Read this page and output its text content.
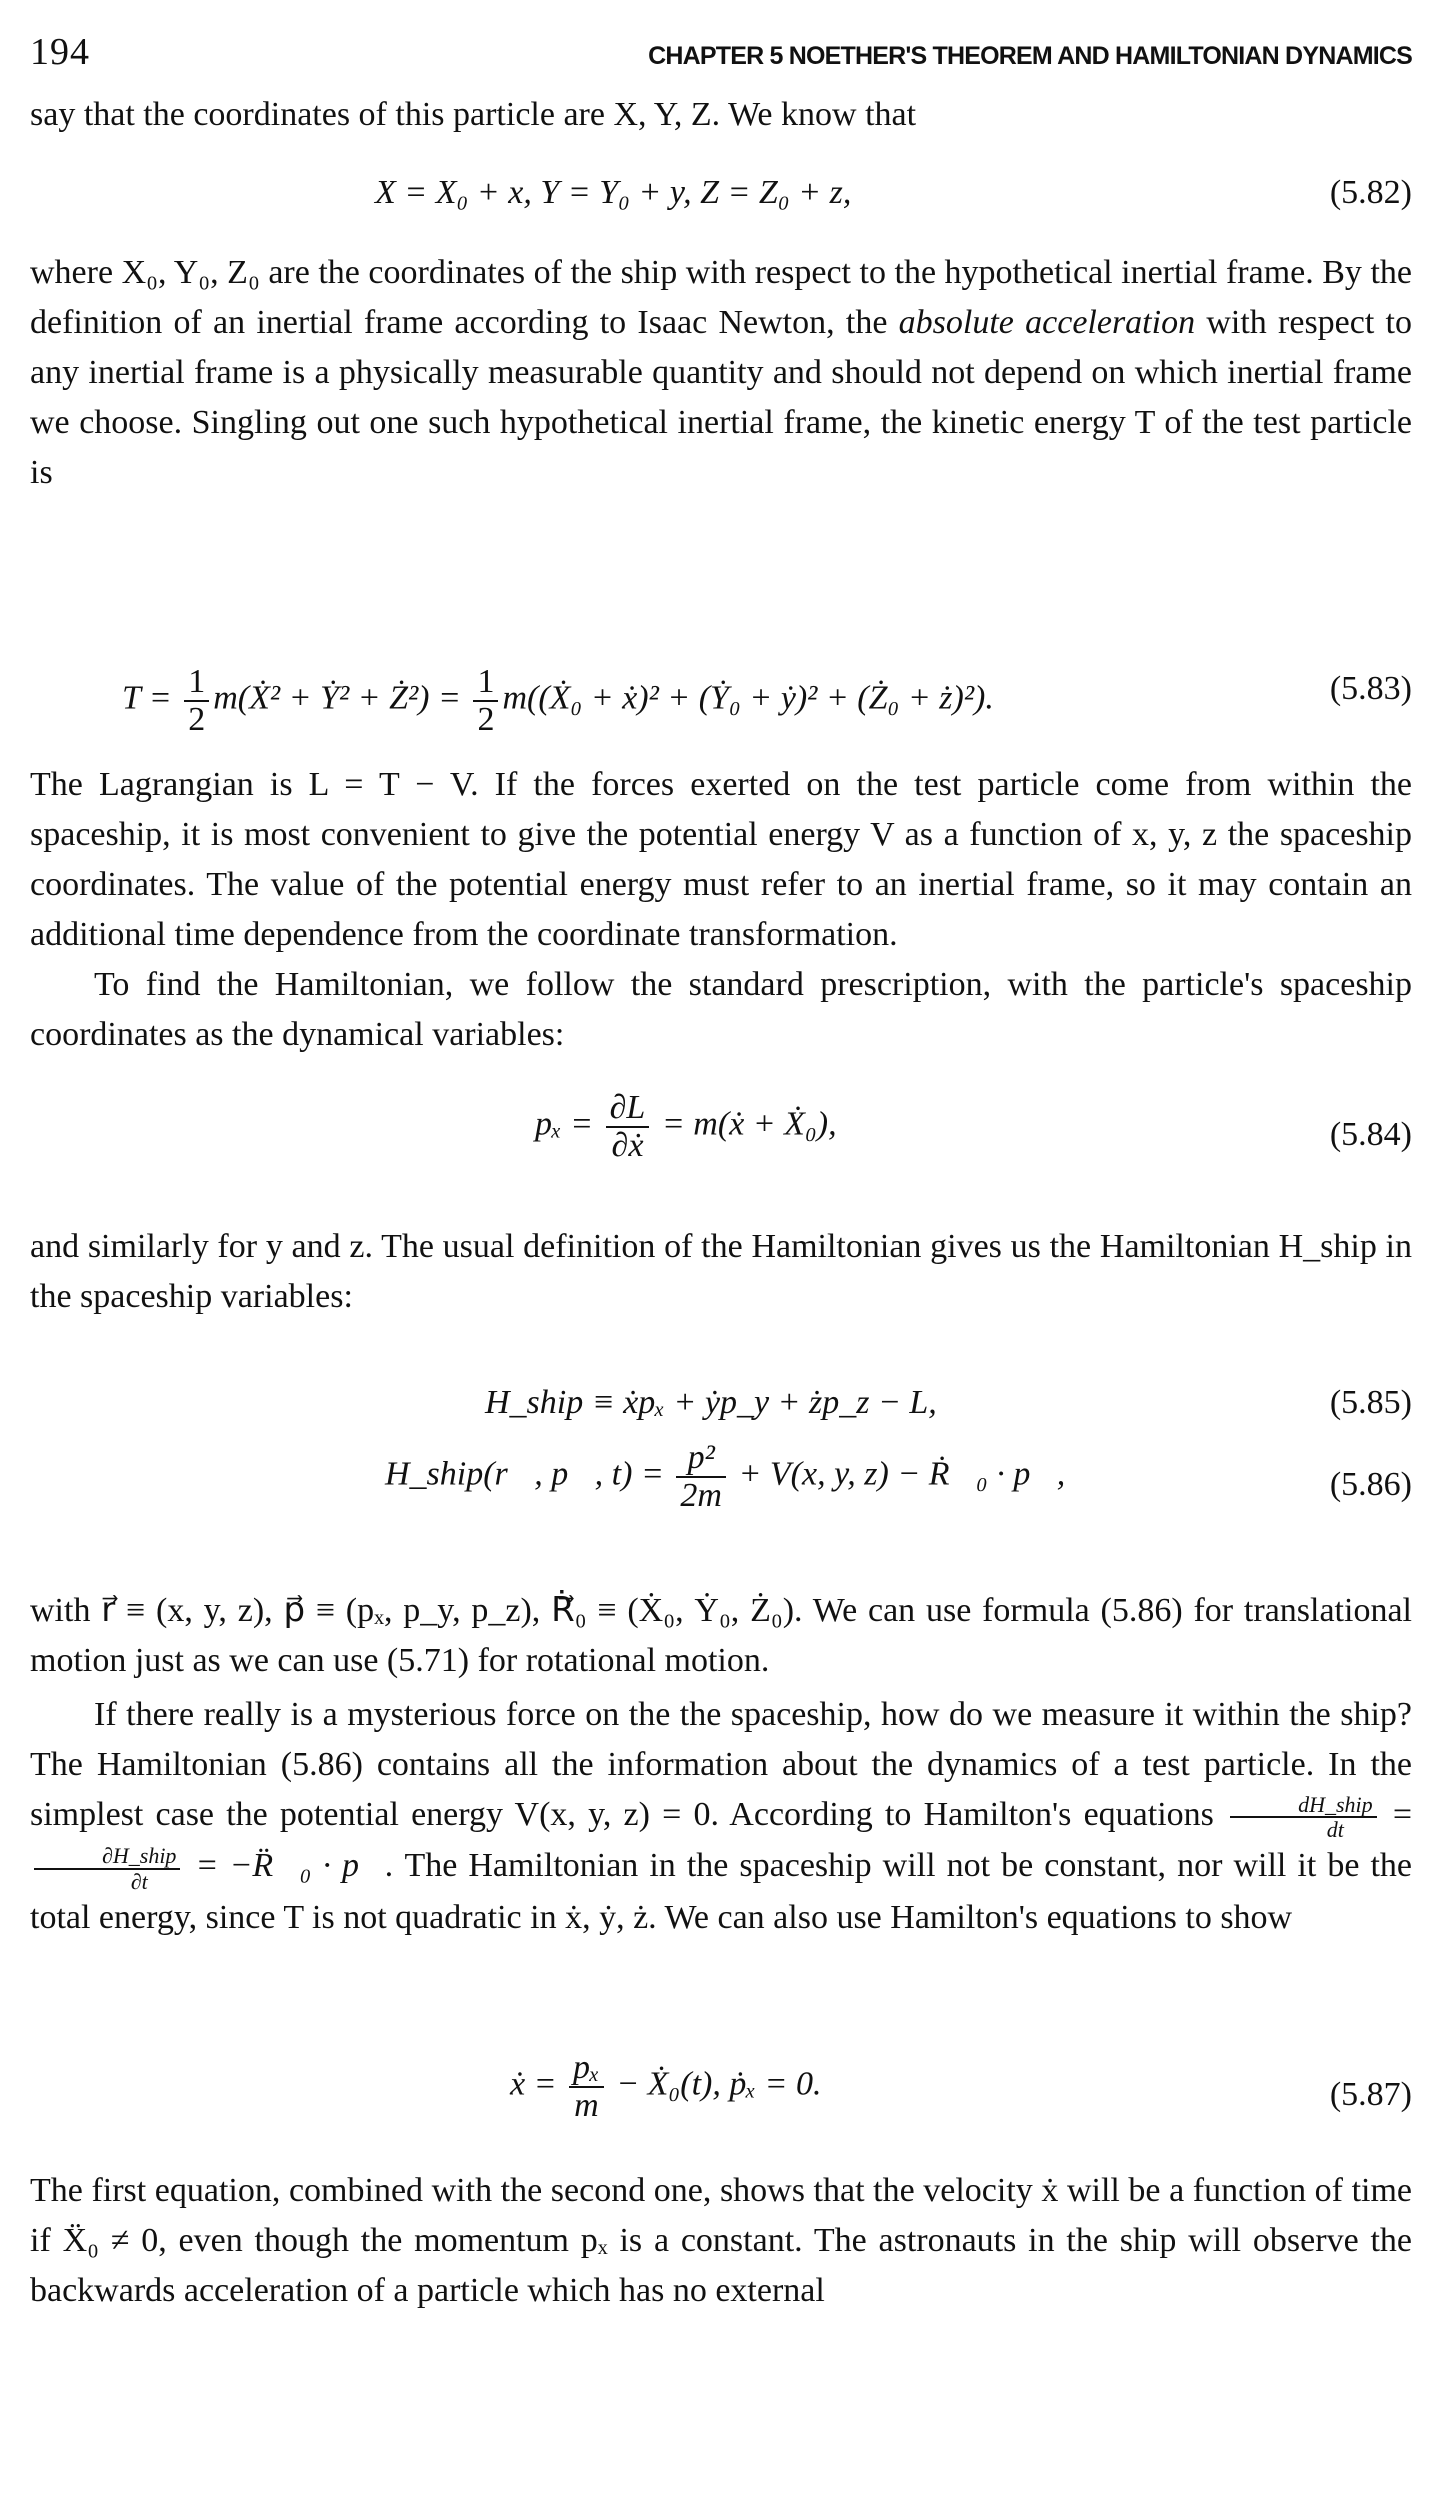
194	CHAPTER 5 NOETHER'S THEOREM AND HAMILTONIAN DYNAMICS

say that the coordinates of this particle are X, Y, Z. We know that

X = X₀ + x, Y = Y₀ + y, Z = Z₀ + z,	(5.82)

where X₀, Y₀, Z₀ are the coordinates of the ship with respect to the hypothetical inertial frame. By the definition of an inertial frame according to Isaac Newton, the absolute acceleration with respect to any inertial frame is a physically measurable quantity and should not depend on which inertial frame we choose. Singling out one such hypothetical inertial frame, the kinetic energy T of the test particle is

$T = \frac{1}{2}$ m(Ẋ² + Ẏ² + Ż²) = $\frac{1}{2}$ m((Ẋ₀ + ẋ)² + (Ẏ₀ + ẏ)² + (Ż₀ + ż)²).	(5.83)

The Lagrangian is L = T − V. If the forces exerted on the test particle come from within the spaceship, it is most convenient to give the potential energy V as a function of x, y, z the spaceship coordinates. The value of the potential energy must refer to an inertial frame, so it may contain an additional time dependence from the coordinate transformation.

To find the Hamiltonian, we follow the standard prescription, with the particle's spaceship coordinates as the dynamical variables:

$p_x = \frac{\partial L}{\text{∂ẋ}}$ = m(ẋ + Ẋ₀),	(5.84)

and similarly for y and z. The usual definition of the Hamiltonian gives us the Hamiltonian H_ship in the spaceship variables:

H_ship ≡ ẋpₓ + ẏp_y + żp_z − L,	(5.85)
H_ship(r⃗, p⃗, $t) = \frac{\text{p²}}{2m} + V(x$, y, z) − Ṙ⃗₀ · p⃗,	(5.86)

with r⃗ ≡ (x, y, z), p⃗ ≡ (pₓ, p_y, p_z), Ṙ⃗₀ ≡ (Ẋ₀, Ẏ₀, Ż₀). We can use formula (5.86) for translational motion just as we can use (5.71) for rotational motion.

If there really is a mysterious force on the the spaceship, how do we measure it within the ship? The Hamiltonian (5.86) contains all the information about the dynamics of a test particle. In the simplest case the potential energy V(x, y, z) = 0. According to Hamilton's equations $\frac{\text{dH\_ship}}{dt}$ =
$\frac{\text{∂H\_ship}}{\partial t}$ = −R̈⃗₀ · p⃗. The Hamiltonian in the spaceship will not be constant, nor will it be the total energy, since T is not quadratic in ẋ, ẏ, ż. We can also use Hamilton's equations to show

ẋ = $\frac{\text{pₓ}}{m}$ − Ẋ₀(t), ṗₓ = 0.	(5.87)

The first equation, combined with the second one, shows that the velocity ẋ will be a function of time if Ẍ₀ ≠ 0, even though the momentum pₓ is a constant. The astronauts in the ship will observe the backwards acceleration of a particle which has no external
